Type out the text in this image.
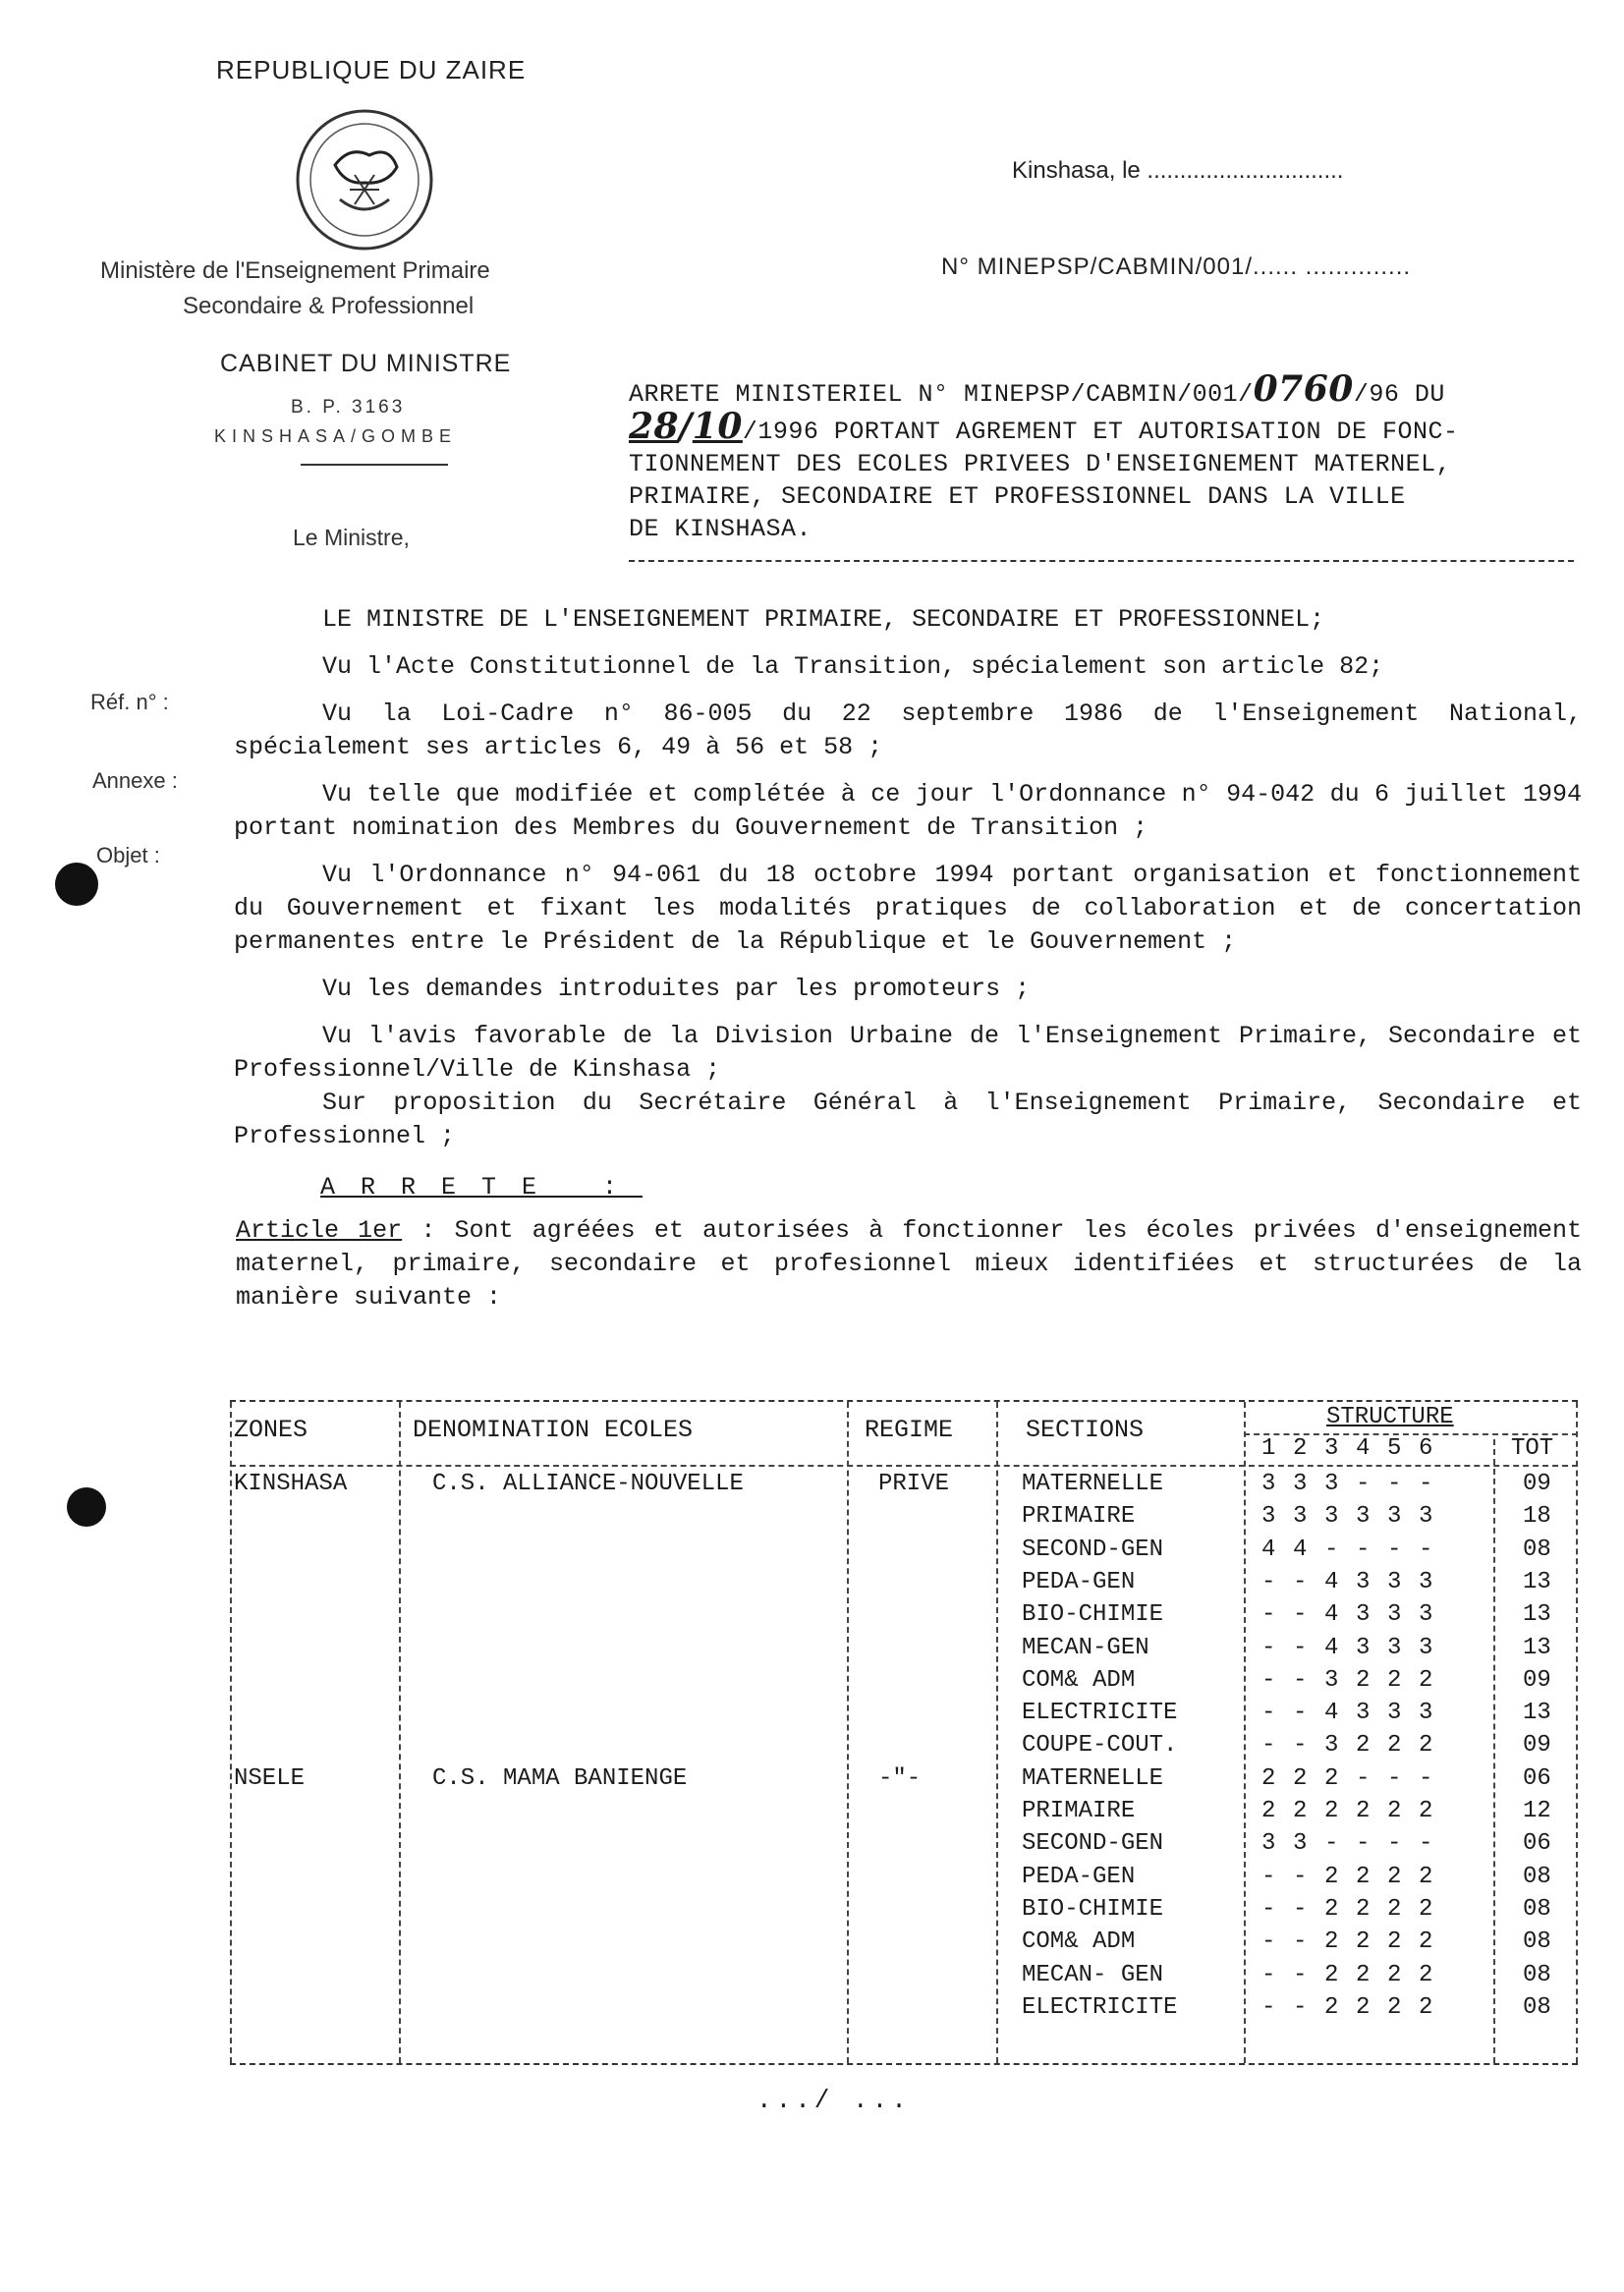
REPUBLIQUE DU ZAIRE
Ministère de l'Enseignement Primaire
Secondaire & Professionnel
CABINET DU MINISTRE
B. P. 3163
KINSHASA/GOMBE
Le Ministre,
Réf. n° :
Annexe :
Objet :
Kinshasa, le ..............................
N° MINEPSP/CABMIN/001/...... ..............
ARRETE MINISTERIEL N° MINEPSP/CABMIN/001/0760/96 DU
28/10/1996 PORTANT AGREMENT ET AUTORISATION DE FONC-
TIONNEMENT DES ECOLES PRIVEES D'ENSEIGNEMENT MATERNEL,
PRIMAIRE, SECONDAIRE ET PROFESSIONNEL DANS LA VILLE
DE KINSHASA.

LE MINISTRE DE L'ENSEIGNEMENT PRIMAIRE, SECONDAIRE ET PROFESSIONNEL;

Vu l'Acte Constitutionnel de la Transition, spécialement son article 82;

Vu la Loi-Cadre n° 86-005 du 22 septembre 1986 de l'Enseignement National, spécialement ses articles 6, 49 à 56 et 58 ;

Vu telle que modifiée et complétée à ce jour l'Ordonnance n° 94-042 du 6 juillet 1994 portant nomination des Membres du Gouvernement de Transition ;

Vu l'Ordonnance n° 94-061 du 18 octobre 1994 portant organisation et fonctionnement du Gouvernement et fixant les modalités pratiques de collaboration et de concertation permanentes entre le Président de la République et le Gouvernement ;

Vu les demandes introduites par les promoteurs ;

Vu l'avis favorable de la Division Urbaine de l'Enseignement Primaire, Secondaire et Professionnel/Ville de Kinshasa ;

Sur proposition du Secrétaire Général à l'Enseignement Primaire, Secondaire et Professionnel ;

ARRETE :

Article 1er : Sont agréées et autorisées à fonctionner les écoles privées d'enseignement maternel, primaire, secondaire et profesionnel mieux identifiées et structurées de la manière suivante :

ZONES	DENOMINATION ECOLES	REGIME	SECTIONS	STRUCTURE
1 2 3 4 5 6	TOT
KINSHASA	C.S. ALLIANCE-NOUVELLE	PRIVE	MATERNELLE	3 3 3 - - -	09
PRIMAIRE	3 3 3 3 3 3	18
SECOND-GEN	4 4 - - - -	08
PEDA-GEN	- - 4 3 3 3	13
BIO-CHIMIE	- - 4 3 3 3	13
MECAN-GEN	- - 4 3 3 3	13
COM& ADM	- - 3 2 2 2	09
ELECTRICITE	- - 4 3 3 3	13
COUPE-COUT.	- - 3 2 2 2	09
NSELE	C.S. MAMA BANIENGE	-"-	MATERNELLE	2 2 2 - - -	06
PRIMAIRE	2 2 2 2 2 2	12
SECOND-GEN	3 3 - - - -	06
PEDA-GEN	- - 2 2 2 2	08
BIO-CHIMIE	- - 2 2 2 2	08
COM& ADM	- - 2 2 2 2	08
MECAN- GEN	- - 2 2 2 2	08
ELECTRICITE	- - 2 2 2 2	08
.../ ...
